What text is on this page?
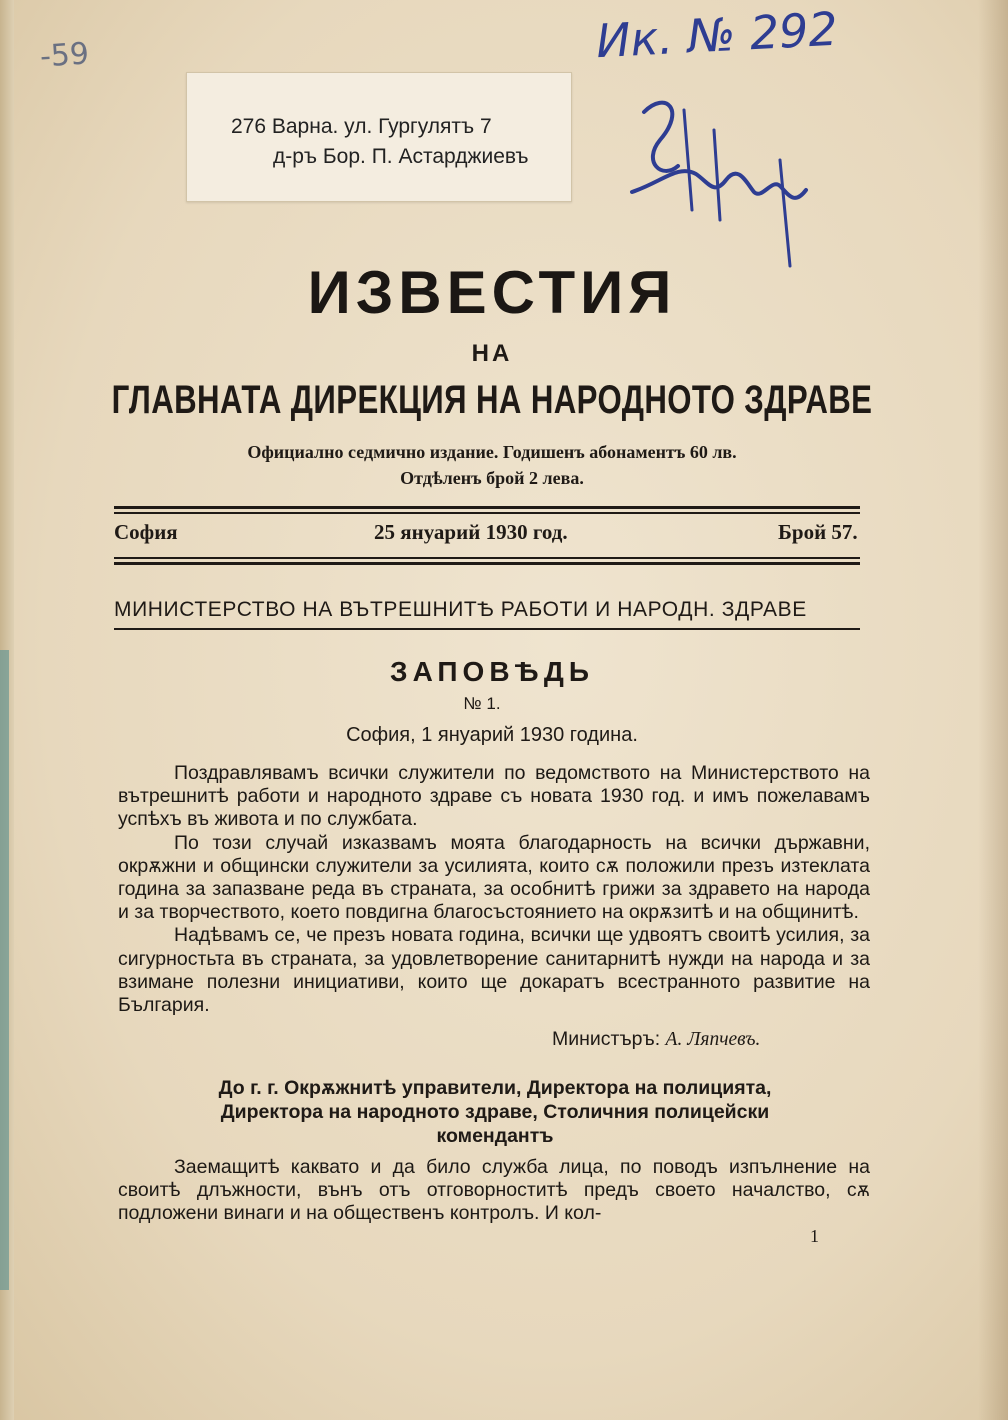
-59	Ик. № 292
276 Варна. ул. Гургулятъ 7
д-ръ Бор. П. Астарджиевъ
ИЗВЕСТИЯ
НА
ГЛАВНАТА ДИРЕКЦИЯ НА НАРОДНОТО ЗДРАВЕ
Официално седмично издание. Годишенъ абонаментъ 60 лв.
Отдѣленъ брой 2 лева.
София	25 януарий 1930 год.	Брой 57.
МИНИСТЕРСТВО НА ВЪТРЕШНИТѢ РАБОТИ И НАРОДН. ЗДРАВЕ
ЗАПОВѢДЬ
№ 1.
София, 1 януарий 1930 година.

Поздравлявамъ всички служители по ведомството на Министерството на вътрешнитѣ работи и народното здраве съ новата 1930 год. и имъ пожелавамъ успѣхъ въ живота и по службата.

По този случай изказвамъ моята благодарность на всички държавни, окрѫжни и общински служители за усилията, които сѫ положили презъ изтеклата година за запазване реда въ страната, за особнитѣ грижи за здравето на народа и за творчеството, което повдигна благосъстоянието на окрѫзитѣ и на общинитѣ.

Надѣвамъ се, че презъ новата година, всички ще удвоятъ своитѣ усилия, за сигурностьта въ страната, за удовлетворение санитарнитѣ нужди на народа и за взимане полезни инициативи, които ще докаратъ всестранното развитие на България.

Министъръ: А. Ляпчевъ.
До г. г. Окрѫжнитѣ управители, Директора на полицията,
Директора на народното здраве, Столичния полицейски
комендантъ

Заемащитѣ каквато и да било служба лица, по поводъ изпълнение на своитѣ длъжности, вънъ отъ отговорноститѣ предъ своето началство, сѫ подложени винаги и на общественъ контролъ. И кол-

1
